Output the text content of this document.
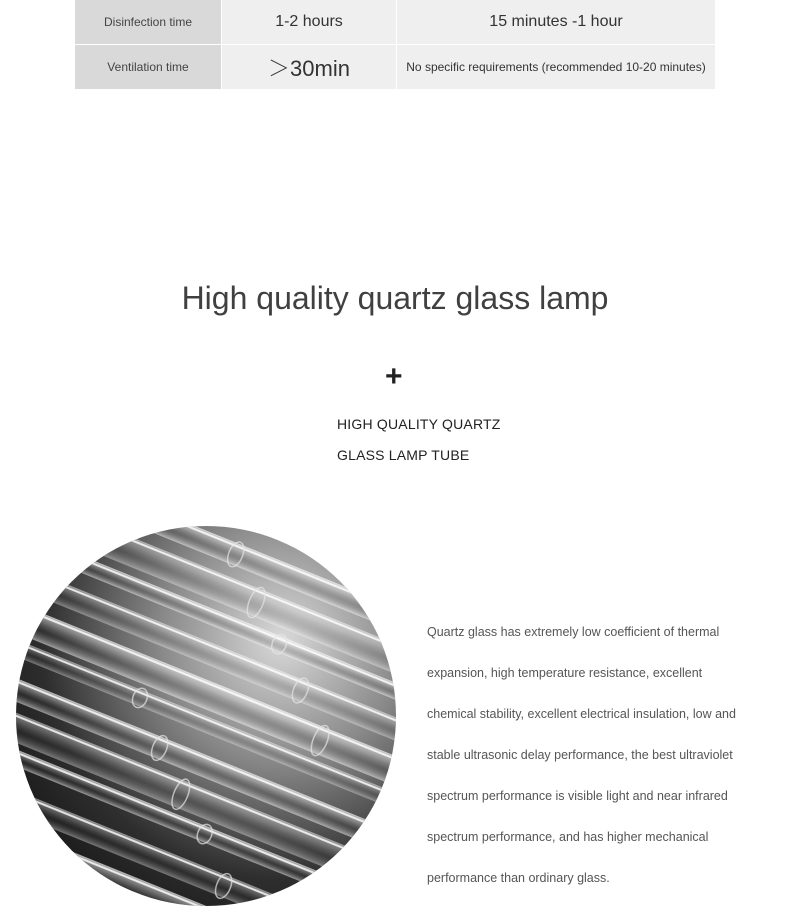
Disinfection time	1-2 hours	15 minutes -1 hour
Ventilation time	＞30min	No specific requirements (recommended 10-20 minutes)
High quality quartz glass lamp
+
HIGH QUALITY QUARTZ
GLASS LAMP TUBE
Quartz glass has extremely low coefficient of thermal
expansion, high temperature resistance, excellent
chemical stability, excellent electrical insulation, low and
stable ultrasonic delay performance, the best ultraviolet
spectrum performance is visible light and near infrared
spectrum performance, and has higher mechanical
performance than ordinary glass.
